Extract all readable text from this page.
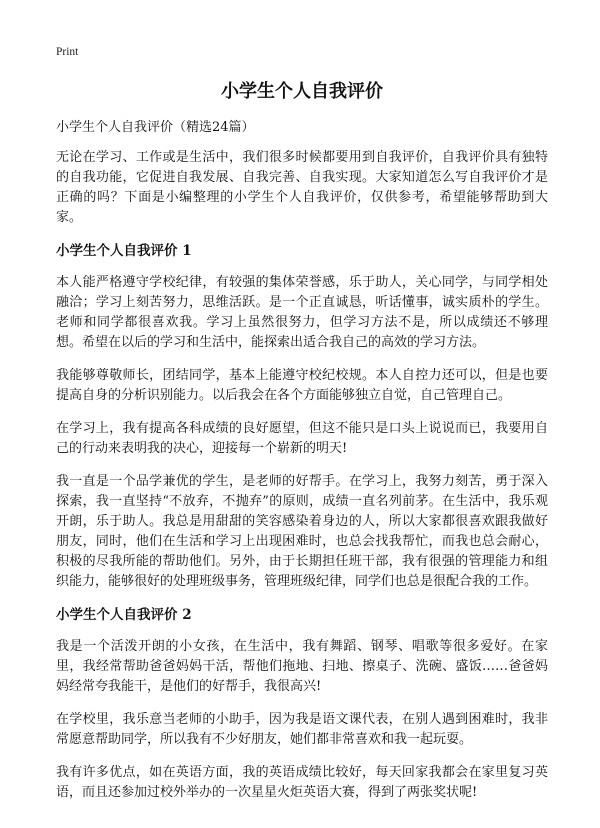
Print
小学生个人自我评价

小学生个人自我评价（精选24篇）

无论在学习、工作或是生活中，我们很多时候都要用到自我评价，自我评价具有独特的自我功能，它促进自我发展、自我完善、自我实现。大家知道怎么写自我评价才是正确的吗？下面是小编整理的小学生个人自我评价，仅供参考，希望能够帮助到大家。

小学生个人自我评价 1

本人能严格遵守学校纪律，有较强的集体荣誉感，乐于助人，关心同学，与同学相处融洽；学习上刻苦努力，思维活跃。是一个正直诚恳，听话懂事，诚实质朴的学生。老师和同学都很喜欢我。学习上虽然很努力，但学习方法不是，所以成绩还不够理想。希望在以后的学习和生活中，能探索出适合我自己的高效的学习方法。

我能够尊敬师长，团结同学，基本上能遵守校纪校规。本人自控力还可以，但是也要提高自身的分析识别能力。以后我会在各个方面能够独立自觉，自己管理自己。

在学习上，我有提高各科成绩的良好愿望，但这不能只是口头上说说而已，我要用自己的行动来表明我的决心，迎接每一个崭新的明天!

我一直是一个品学兼优的学生，是老师的好帮手。在学习上，我努力刻苦，勇于深入探索，我一直坚持“不放弃，不抛弃”的原则，成绩一直名列前茅。在生活中，我乐观开朗，乐于助人。我总是用甜甜的笑容感染着身边的人，所以大家都很喜欢跟我做好朋友，同时，他们在生活和学习上出现困难时，也总会找我帮忙，而我也总会耐心，积极的尽我所能的帮助他们。另外，由于长期担任班干部，我有很强的管理能力和组织能力，能够很好的处理班级事务，管理班级纪律，同学们也总是很配合我的工作。

小学生个人自我评价 2

我是一个活泼开朗的小女孩，在生活中，我有舞蹈、钢琴、唱歌等很多爱好。在家里，我经常帮助爸爸妈妈干活，帮他们拖地、扫地、擦桌子、洗碗、盛饭……爸爸妈妈经常夸我能干，是他们的好帮手，我很高兴!

在学校里，我乐意当老师的小助手，因为我是语文课代表，在别人遇到困难时，我非常愿意帮助同学，所以我有不少好朋友，她们都非常喜欢和我一起玩耍。

我有许多优点，如在英语方面，我的英语成绩比较好，每天回家我都会在家里复习英语，而且还参加过校外举办的一次星星火炬英语大赛，得到了两张奖状呢!
